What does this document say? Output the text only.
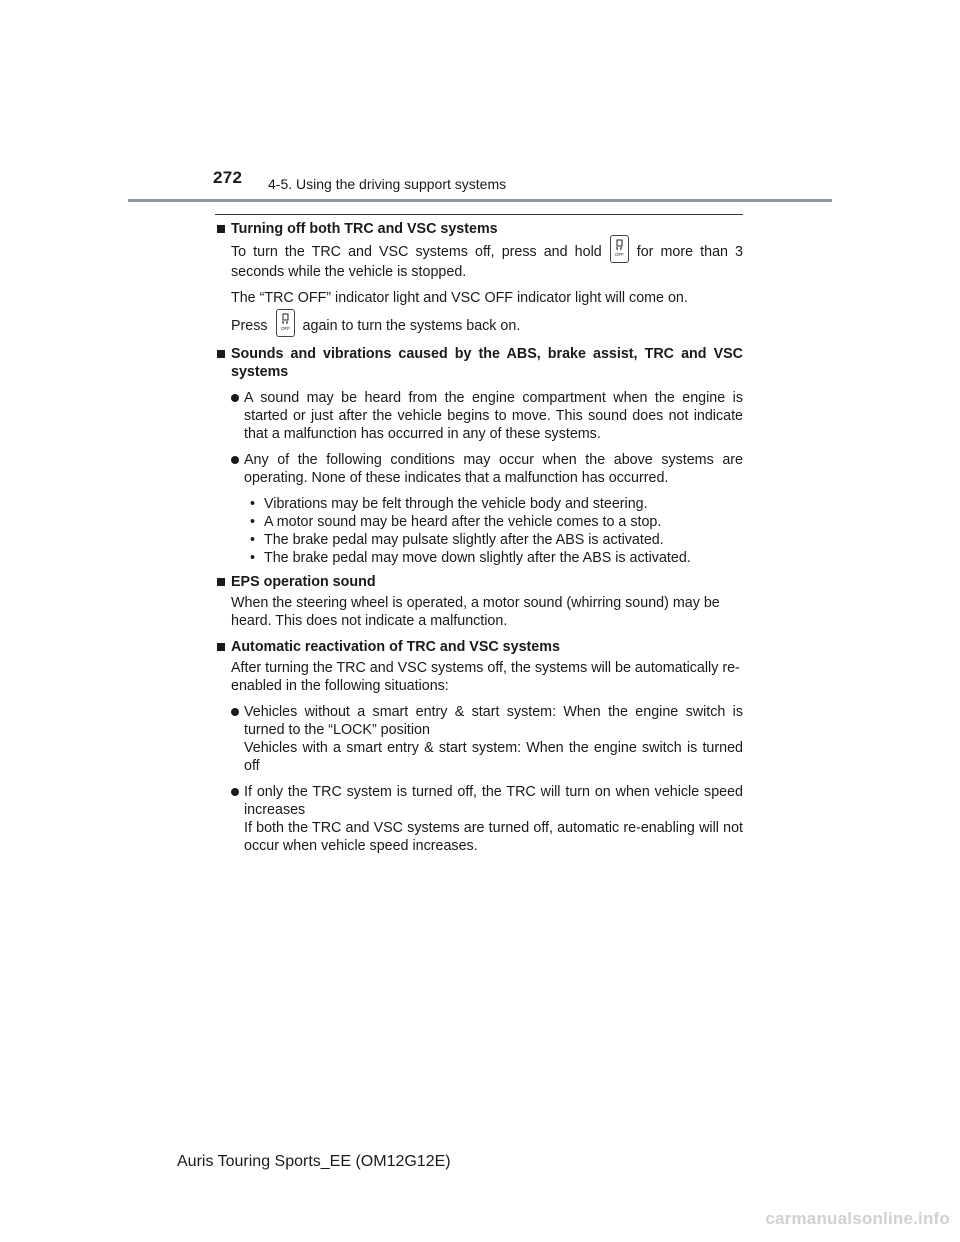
272 4-5. Using the driving support systems
Turning off both TRC and VSC systems
To turn the TRC and VSC systems off, press and hold	OFF for more than 3 seconds while the vehicle is stopped.
The “TRC OFF” indicator light and VSC OFF indicator light will come on.
Press	OFF again to turn the systems back on.
Sounds and vibrations caused by the ABS, brake assist, TRC and VSC systems
A sound may be heard from the engine compartment when the engine is started or just after the vehicle begins to move. This sound does not indicate that a malfunction has occurred in any of these systems.
Any of the following conditions may occur when the above systems are operating. None of these indicates that a malfunction has occurred.
• Vibrations may be felt through the vehicle body and steering.
• A motor sound may be heard after the vehicle comes to a stop.
• The brake pedal may pulsate slightly after the ABS is activated.
• The brake pedal may move down slightly after the ABS is activated.
EPS operation sound
When the steering wheel is operated, a motor sound (whirring sound) may be heard. This does not indicate a malfunction.
Automatic reactivation of TRC and VSC systems
After turning the TRC and VSC systems off, the systems will be automatically re-enabled in the following situations:
Vehicles without a smart entry & start system: When the engine switch is turned to the “LOCK” position
Vehicles with a smart entry & start system: When the engine switch is turned off
If only the TRC system is turned off, the TRC will turn on when vehicle speed increases
If both the TRC and VSC systems are turned off, automatic re-enabling will not occur when vehicle speed increases.
Auris Touring Sports_EE (OM12G12E)
carmanualsonline.info
